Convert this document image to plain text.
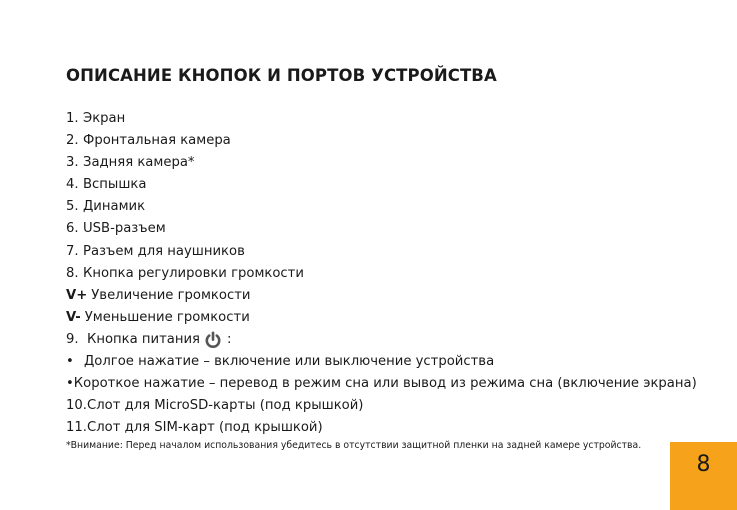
ОПИСАНИЕ КНОПОК И ПОРТОВ УСТРОЙСТВА
1. Экран
2. Фронтальная камера
3. Задняя камера*
4. Вспышка
5. Динамик
6. USB-разъем
7. Разъем для наушников
8. Кнопка регулировки громкости
V+ Увеличение громкости
V- Уменьшение громкости
9. Кнопка питания :
• Долгое нажатие – включение или выключение устройства
• Короткое нажатие – перевод в режим сна или вывод из режима сна (включение экрана)
10. Слот для MicroSD-карты (под крышкой)
11. Слот для SIM-карт (под крышкой)
*Внимание: Перед началом использования убедитесь в отсутствии защитной пленки на задней камере устройства.
8
